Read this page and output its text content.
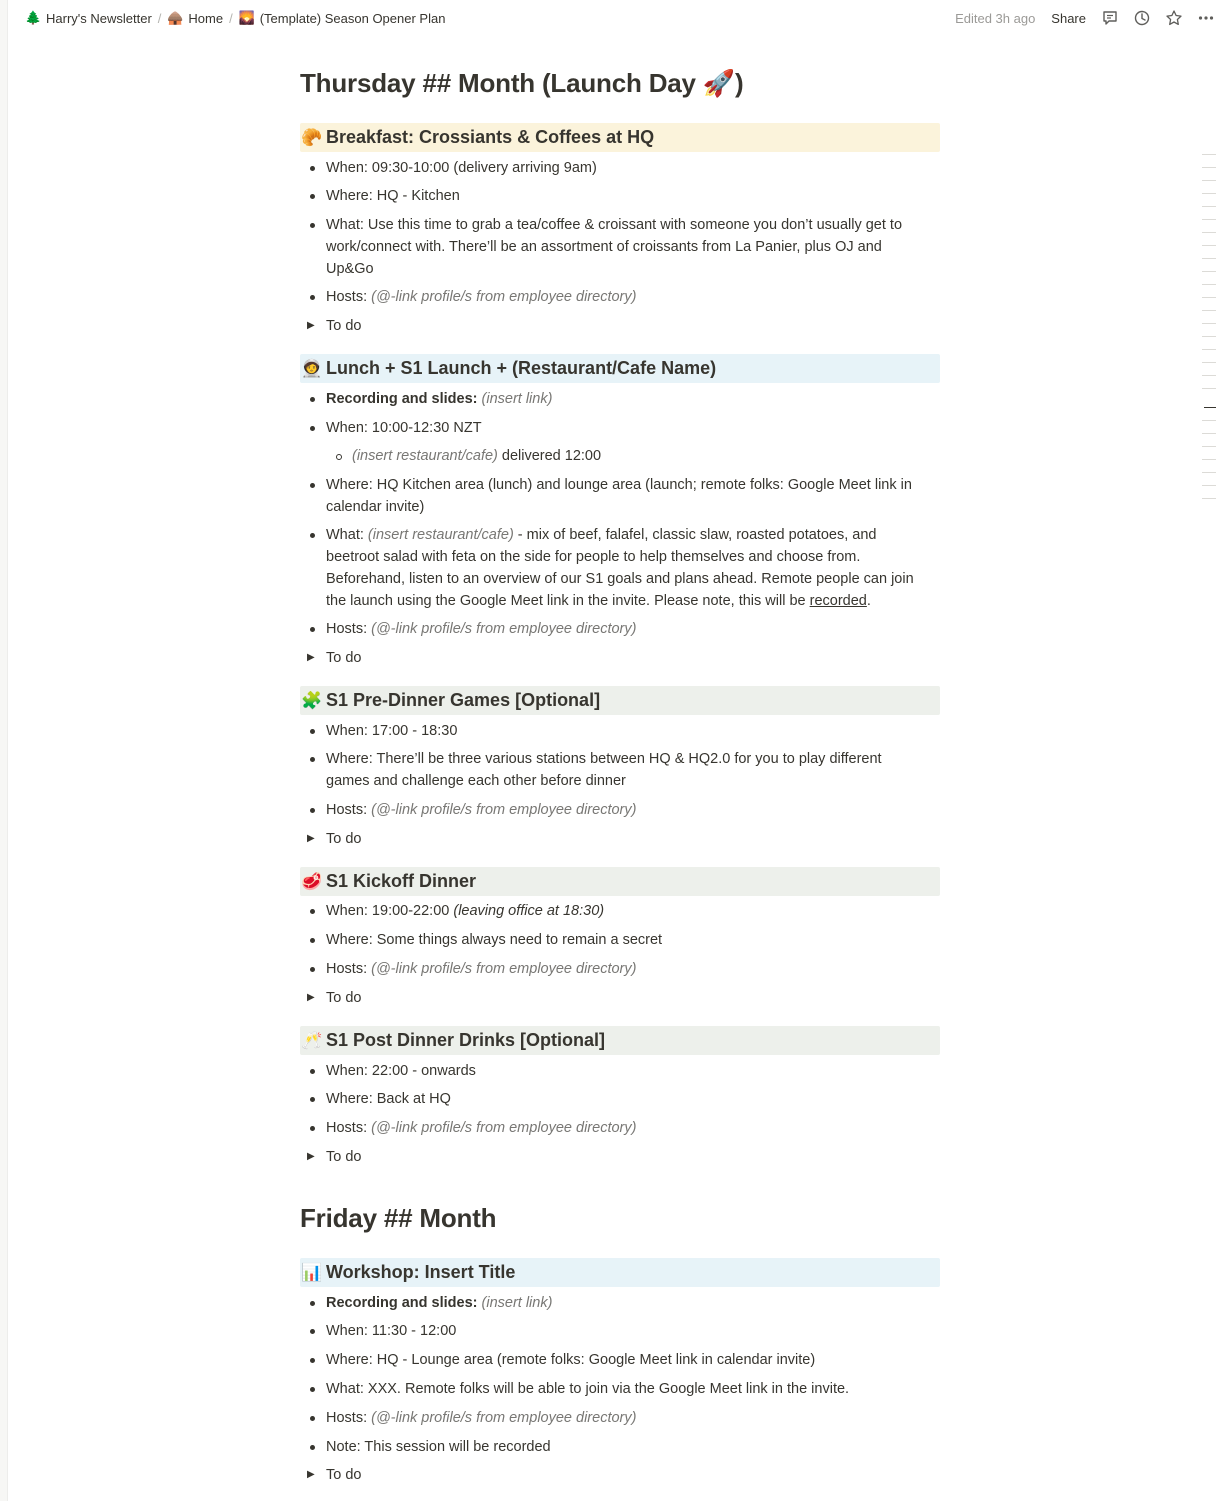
🌲 Harry's Newsletter / 🛖 Home / 🌄 (Template) Season Opener Plan	Edited 3h ago	Share
Thursday ## Month (Launch Day 🚀)
🥐 Breakfast: Crossiants & Coffees at HQ
When: 09:30-10:00 (delivery arriving 9am)
Where: HQ - Kitchen
What: Use this time to grab a tea/coffee & croissant with someone you don’t usually get to
work/connect with. There’ll be an assortment of croissants from La Panier, plus OJ and
Up&Go
Hosts: (@-link profile/s from employee directory)
▶ To do
🧑‍🚀 Lunch + S1 Launch + (Restaurant/Cafe Name)
Recording and slides: (insert link)
When: 10:00-12:30 NZT
(insert restaurant/cafe) delivered 12:00
Where: HQ Kitchen area (lunch) and lounge area (launch; remote folks: Google Meet link in
calendar invite)
What: (insert restaurant/cafe) - mix of beef, falafel, classic slaw, roasted potatoes, and
beetroot salad with feta on the side for people to help themselves and choose from.
Beforehand, listen to an overview of our S1 goals and plans ahead. Remote people can join
the launch using the Google Meet link in the invite. Please note, this will be recorded.
Hosts: (@-link profile/s from employee directory)
▶ To do
🧩 S1 Pre-Dinner Games [Optional]
When: 17:00 - 18:30
Where: There’ll be three various stations between HQ & HQ2.0 for you to play different
games and challenge each other before dinner
Hosts: (@-link profile/s from employee directory)
▶ To do
🥩 S1 Kickoff Dinner
When: 19:00-22:00 (leaving office at 18:30)
Where: Some things always need to remain a secret
Hosts: (@-link profile/s from employee directory)
▶ To do
🥂 S1 Post Dinner Drinks [Optional]
When: 22:00 - onwards
Where: Back at HQ
Hosts: (@-link profile/s from employee directory)
▶ To do
Friday ## Month
📊 Workshop: Insert Title
Recording and slides: (insert link)
When: 11:30 - 12:00
Where: HQ - Lounge area (remote folks: Google Meet link in calendar invite)
What: XXX. Remote folks will be able to join via the Google Meet link in the invite.
Hosts: (@-link profile/s from employee directory)
Note: This session will be recorded
▶ To do
